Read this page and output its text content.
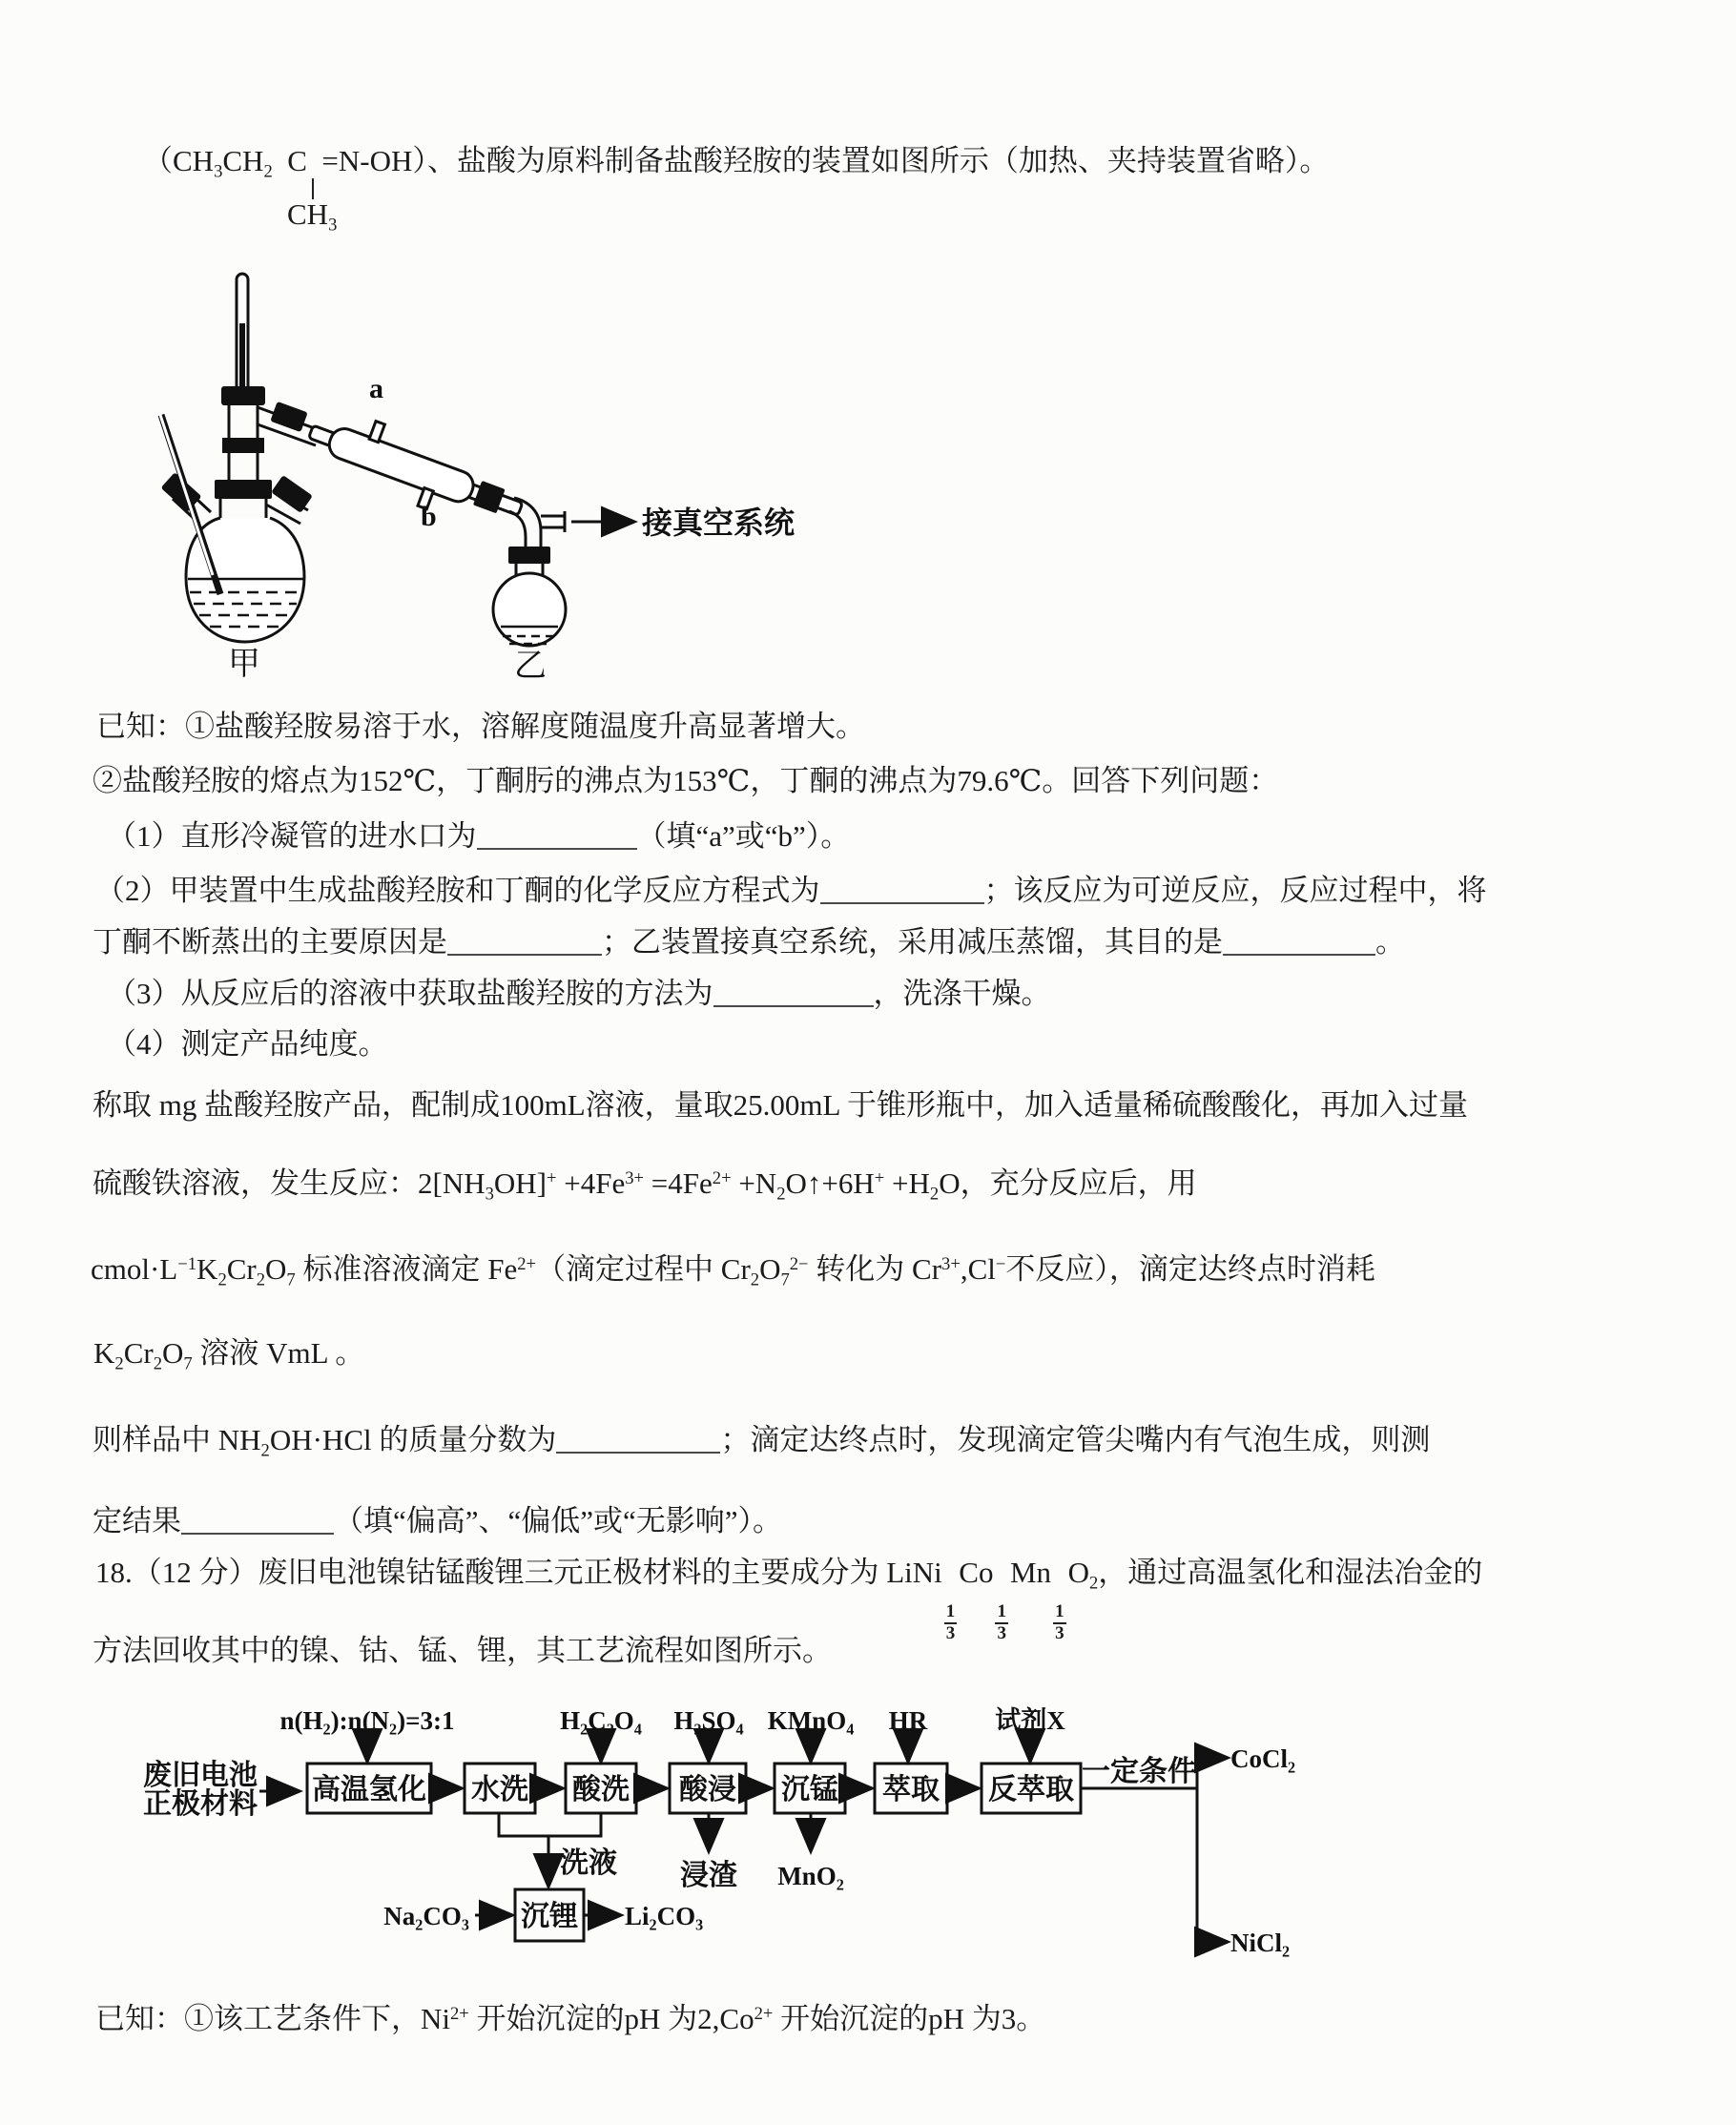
（$CH_3CH_2$  C  =N-OH）、盐酸为原料制备盐酸羟胺的装置如图所示（加热、夹持装置省略）。
$CH_3$
a
b	接真空系统
甲	乙
已知：①盐酸羟胺易溶于水，溶解度随温度升高显著增大。
②盐酸羟胺的熔点为152℃，丁酮肟的沸点为153℃，丁酮的沸点为79.6℃。回答下列问题：
（1）直形冷凝管的进水口为	（填“a”或“b”）。
（2）甲装置中生成盐酸羟胺和丁酮的化学反应方程式为	；该反应为可逆反应，反应过程中，将
丁酮不断蒸出的主要原因是	；乙装置接真空系统，采用减压蒸馏，其目的是	。
（3）从反应后的溶液中获取盐酸羟胺的方法为	，洗涤干燥。
（4）测定产品纯度。
称取 mg 盐酸羟胺产品，配制成100mL溶液，量取25.00mL 于锥形瓶中，加入适量稀硫酸酸化，再加入过量
硫酸铁溶液，发生反应：$2[NH_3OH]^+ +4Fe^{3+} =4Fe^{2+}$ $+N_2O↑+6H^+ +H_2O$，充分反应后，用
$cmol\cdot L^{-1}K_2Cr_2O_7$ 标准溶液滴定 $Fe^{2+}$（滴定过程中 $Cr_2O_7^{2-}$ 转化为 $Cr^{3+},Cl^-$不反应），滴定达终点时消耗
$K_2Cr_2O_7$ 溶液 VmL 。
则样品中 $NH_2OH\cdot HCl$ 的质量分数为	；滴定达终点时，发现滴定管尖嘴内有气泡生成，则测
定结果	（填“偏高”、“偏低”或“无影响”）。
18.（12 分）废旧电池镍钴锰酸锂三元正极材料的主要成分为 LiNi
$\frac{1}{3}$
Co
$\frac{1}{3}$
Mn
$\frac{1}{3}$
$O_2$，通过高温氢化和湿法冶金的
方法回收其中的镍、钴、锰、锂，其工艺流程如图所示。
n(H₂):n(N₂)=3:1
废旧电池
正极材料 高温氢化 水洗 酸洗 酸浸 沉锰 萃取 反萃取
沉锂
H₂C₂O₄ H₂SO₄ KMnO₄ HR	试剂X
Na₂CO₃
洗液 浸渣 MnO₂
Li₂CO₃
一定条件 CoCl₂
NiCl₂
已知：①该工艺条件下，$Ni^{2+}$ 开始沉淀的pH 为$2,Co^{2+}$ 开始沉淀的pH 为3。
